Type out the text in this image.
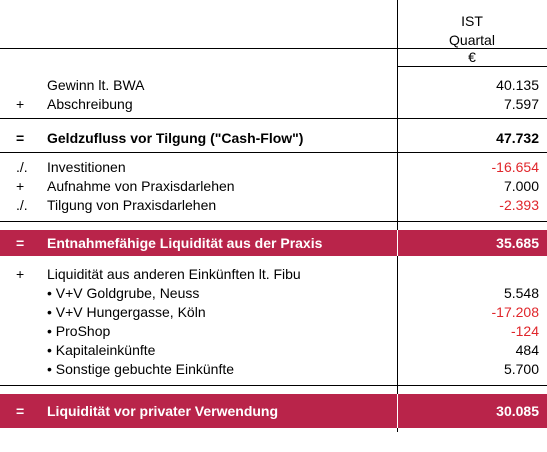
IST
Quartal
€
Gewinn lt. BWA	40.135
+	Abschreibung	7.597
=	Geldzufluss vor Tilgung ("Cash-Flow")	47.732
./.	Investitionen	-16.654
+	Aufnahme von Praxisdarlehen	7.000
./.	Tilgung von Praxisdarlehen	-2.393
= Entnahmefähige Liquidität aus der Praxis	35.685
+	Liquidität aus anderen Einkünften lt. Fibu
• V+V Goldgrube, Neuss	5.548
• V+V Hungergasse, Köln	-17.208
• ProShop	-124
• Kapitaleinkünfte	484
• Sonstige gebuchte Einkünfte	5.700
= Liquidität vor privater Verwendung	30.085
